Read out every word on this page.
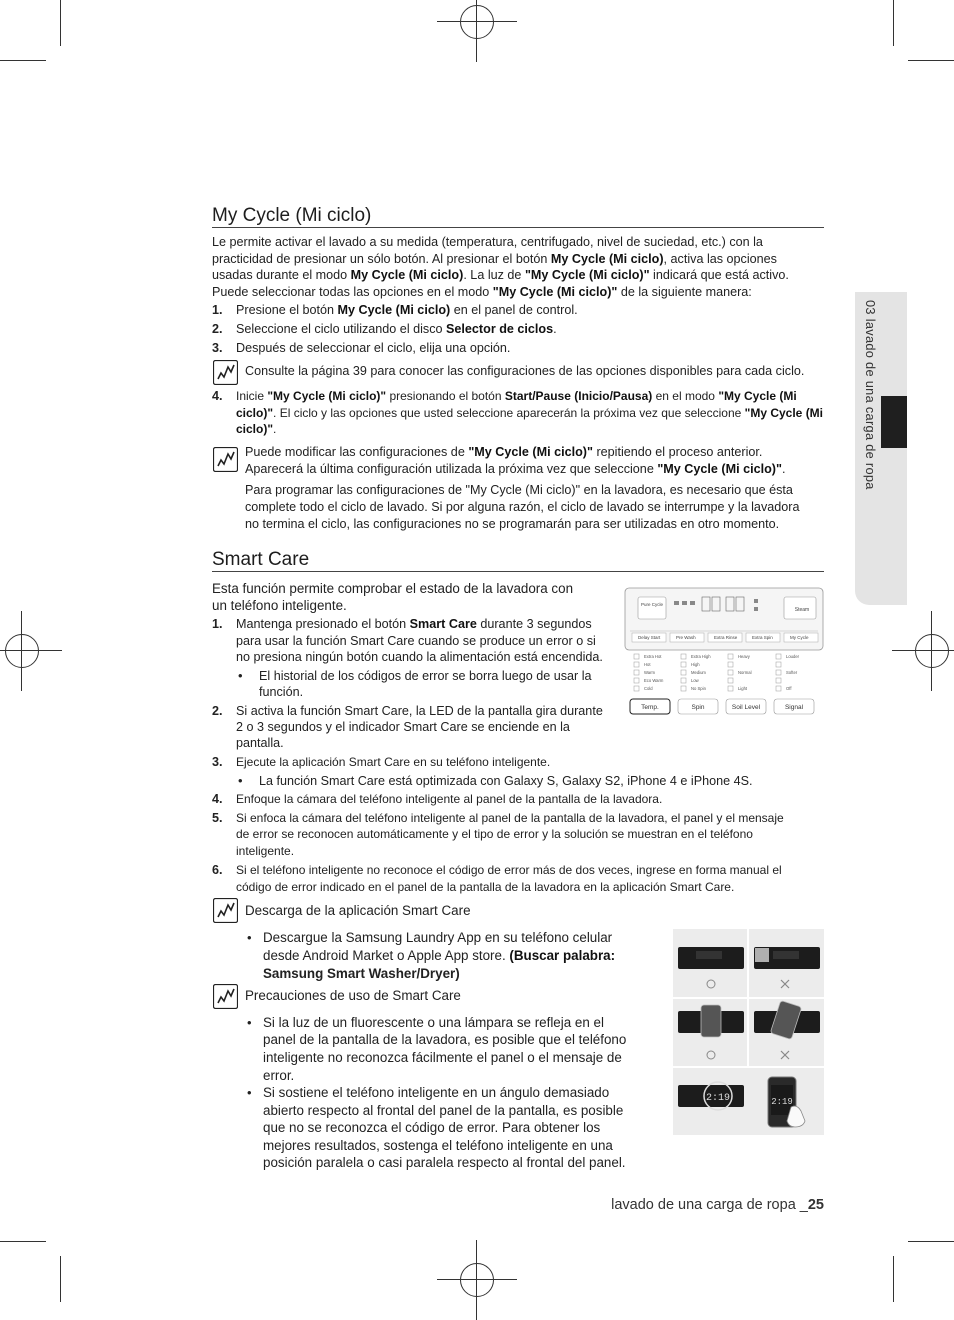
03 lavado de una carga de ropa
My Cycle (Mi ciclo)
Le permite activar el lavado a su medida (temperatura, centrifugado, nivel de suciedad, etc.) con la
practicidad de presionar un sólo botón. Al presionar el botón My Cycle (Mi ciclo), activa las opciones
usadas durante el modo My Cycle (Mi ciclo). La luz de "My Cycle (Mi ciclo)" indicará que está activo.
Puede seleccionar todas las opciones en el modo "My Cycle (Mi ciclo)" de la siguiente manera:
1. Presione el botón My Cycle (Mi ciclo) en el panel de control.
2. Seleccione el ciclo utilizando el disco Selector de ciclos.
3. Después de seleccionar el ciclo, elija una opción.
Consulte la página 39 para conocer las configuraciones de las opciones disponibles para cada ciclo.
4. Inicie "My Cycle (Mi ciclo)" presionando el botón Start/Pause (Inicio/Pausa) en el modo "My Cycle (Mi
ciclo)". El ciclo y las opciones que usted seleccione aparecerán la próxima vez que seleccione "My Cycle (Mi
ciclo)".
Puede modificar las configuraciones de "My Cycle (Mi ciclo)" repitiendo el proceso anterior.
Aparecerá la última configuración utilizada la próxima vez que seleccione "My Cycle (Mi ciclo)".
Para programar las configuraciones de "My Cycle (Mi ciclo)" en la lavadora, es necesario que ésta
complete todo el ciclo de lavado. Si por alguna razón, el ciclo de lavado se interrumpe y la lavadora
no termina el ciclo, las configuraciones no se programarán para ser utilizadas en otro momento.
Smart Care
Esta función permite comprobar el estado de la lavadora con
un teléfono inteligente.
1. Mantenga presionado el botón Smart Care durante 3 segundos
para usar la función Smart Care cuando se produce un error o si
no presiona ningún botón cuando la alimentación está encendida.
• El historial de los códigos de error se borra luego de usar la
función.
2. Si activa la función Smart Care, la LED de la pantalla gira durante
2 o 3 segundos y el indicador Smart Care se enciende en la
pantalla.
3. Ejecute la aplicación Smart Care en su teléfono inteligente.
• La función Smart Care está optimizada con Galaxy S, Galaxy S2, iPhone 4 e iPhone 4S.
4. Enfoque la cámara del teléfono inteligente al panel de la pantalla de la lavadora.
5. Si enfoca la cámara del teléfono inteligente al panel de la pantalla de la lavadora, el panel y el mensaje
de error se reconocen automáticamente y el tipo de error y la solución se muestran en el teléfono
inteligente.
6. Si el teléfono inteligente no reconoce el código de error más de dos veces, ingrese en forma manual el
código de error indicado en el panel de la pantalla de la lavadora en la aplicación Smart Care.
Descarga de la aplicación Smart Care
• Descargue la Samsung Laundry App en su teléfono celular
desde Android Market o Apple App store. (Buscar palabra:
Samsung Smart Washer/Dryer)
Precauciones de uso de Smart Care
• Si la luz de un fluorescente o una lámpara se refleja en el
panel de la pantalla de la lavadora, es posible que el teléfono
inteligente no reconozca fácilmente el panel o el mensaje de
error.
• Si sostiene el teléfono inteligente en un ángulo demasiado
abierto respecto al frontal del panel de la pantalla, es posible
que no se reconozca el código de error. Para obtener los
mejores resultados, sostenga el teléfono inteligente en una
posición paralela o casi paralela respecto al frontal del panel.
Pure Cycle
Steam
Delay Start	Pre Wash	Extra Rinse	Extra Spin	My Cycle
Extra Hot
Hot
Warm
Eco Warm
Cold
Extra High
High
Medium
Low
No Spin
Heavy
Normal
Light
Louder
Softer
Off
Temp.	Spin	Soil Level	Signal
2:19	2:19
lavado de una carga de ropa _25
